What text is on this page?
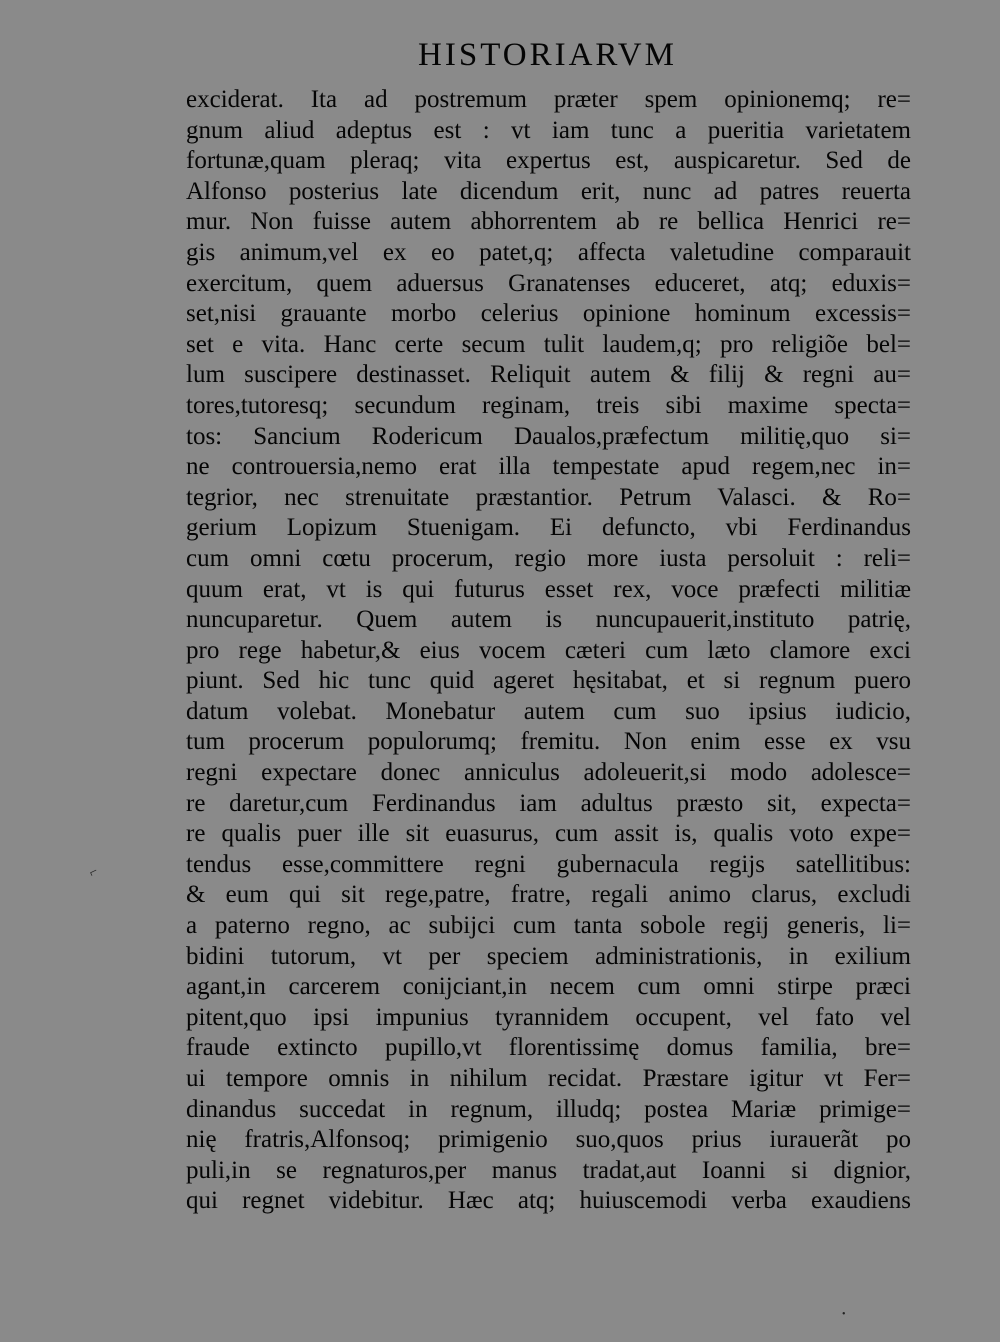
HISTORIARVM
exciderat. Ita ad postremum præter spem opinionemq; re=
gnum aliud adeptus est : vt iam tunc a pueritia varietatem
fortunæ,quam pleraq; vita expertus est, auspicaretur. Sed de
Alfonso posterius late dicendum erit, nunc ad patres reuerta
mur. Non fuisse autem abhorrentem ab re bellica Henrici re=
gis animum,vel ex eo patet,q; affecta valetudine comparauit
exercitum, quem aduersus Granatenses educeret, atq; eduxis=
set,nisi grauante morbo celerius opinione hominum excessis=
set e vita. Hanc certe secum tulit laudem,q; pro religiõe bel=
lum suscipere destinasset. Reliquit autem & filij & regni au=
tores,tutoresq; secundum reginam, treis sibi maxime specta=
tos: Sancium Rodericum Daualos,præfectum militię,quo si=
ne controuersia,nemo erat illa tempestate apud regem,nec in=
tegrior, nec strenuitate præstantior. Petrum Valasci. & Ro=
gerium Lopizum Stuenigam. Ei defuncto, vbi Ferdinandus
cum omni cœtu procerum, regio more iusta persoluit : reli=
quum erat, vt is qui futurus esset rex, voce præfecti militiæ
nuncuparetur. Quem autem is nuncupauerit,instituto patrię,
pro rege habetur,& eius vocem cæteri cum læto clamore exci
piunt. Sed hic tunc quid ageret hęsitabat, et si regnum puero
datum volebat. Monebatur autem cum suo ipsius iudicio,
tum procerum populorumq; fremitu. Non enim esse ex vsu
regni expectare donec anniculus adoleuerit,si modo adolesce=
re daretur,cum Ferdinandus iam adultus præsto sit, expecta=
re qualis puer ille sit euasurus, cum assit is, qualis voto expe=
tendus esse,committere regni gubernacula regijs satellitibus:
& eum qui sit rege,patre, fratre, regali animo clarus, excludi
a paterno regno, ac subijci cum tanta sobole regij generis, li=
bidini tutorum, vt per speciem administrationis, in exilium
agant,in carcerem conijciant,in necem cum omni stirpe præci
pitent,quo ipsi impunius tyrannidem occupent, vel fato vel
fraude extincto pupillo,vt florentissimę domus familia, bre=
ui tempore omnis in nihilum recidat. Præstare igitur vt Fer=
dinandus succedat in regnum, illudq; postea Mariæ primige=
nię fratris,Alfonsoq; primigenio suo,quos prius iurauerãt po
puli,in se regnaturos,per manus tradat,aut Ioanni si dignior,
qui regnet videbitur. Hæc atq; huiuscemodi verba exaudiens
⌐
•
